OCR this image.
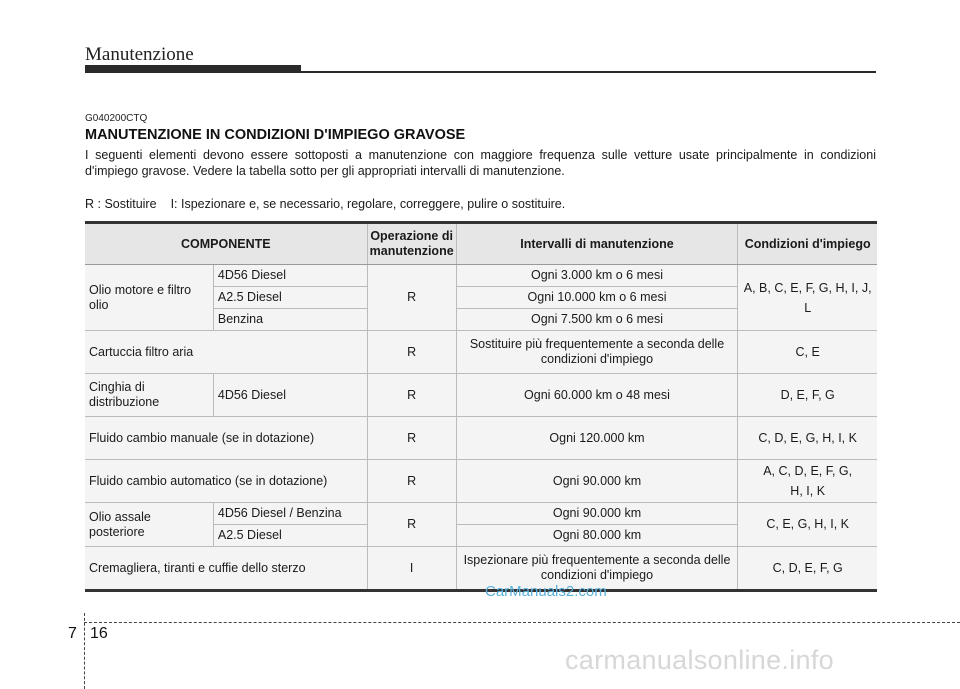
Manutenzione
G040200CTQ
MANUTENZIONE IN CONDIZIONI D'IMPIEGO GRAVOSE
I seguenti elementi devono essere sottoposti a manutenzione con maggiore frequenza sulle vetture usate principalmente in condizioni d'impiego gravose. Vedere la tabella sotto per gli appropriati intervalli di manutenzione.
R : Sostituire I: Ispezionare e, se necessario, regolare, correggere, pulire o sostituire.
COMPONENTE		Operazione di manutenzione	Intervalli di manutenzione	Condizioni d'impiego
Olio motore e filtro olio	4D56 Diesel	R	Ogni 3.000 km o 6 mesi	A, B, C, E, F, G, H, I, J, L
	A2.5 Diesel		Ogni 10.000 km o 6 mesi	
	Benzina		Ogni 7.500 km o 6 mesi	
Cartuccia filtro aria		R	Sostituire più frequentemente a seconda delle condizioni d'impiego	C, E
Cinghia di distribuzione	4D56 Diesel	R	Ogni 60.000 km o 48 mesi	D, E, F, G
Fluido cambio manuale (se in dotazione)		R	Ogni 120.000 km	C, D, E, G, H, I, K
Fluido cambio automatico (se in dotazione)		R	Ogni 90.000 km	A, C, D, E, F, G, H, I, K
Olio assale posteriore	4D56 Diesel / Benzina	R	Ogni 90.000 km	C, E, G, H, I, K
	A2.5 Diesel		Ogni 80.000 km	
Cremagliera, tiranti e cuffie dello sterzo		I	Ispezionare più frequentemente a seconda delle condizioni d'impiego	C, D, E, F, G
CarManuals2.com
7 16
carmanualsonline.info
